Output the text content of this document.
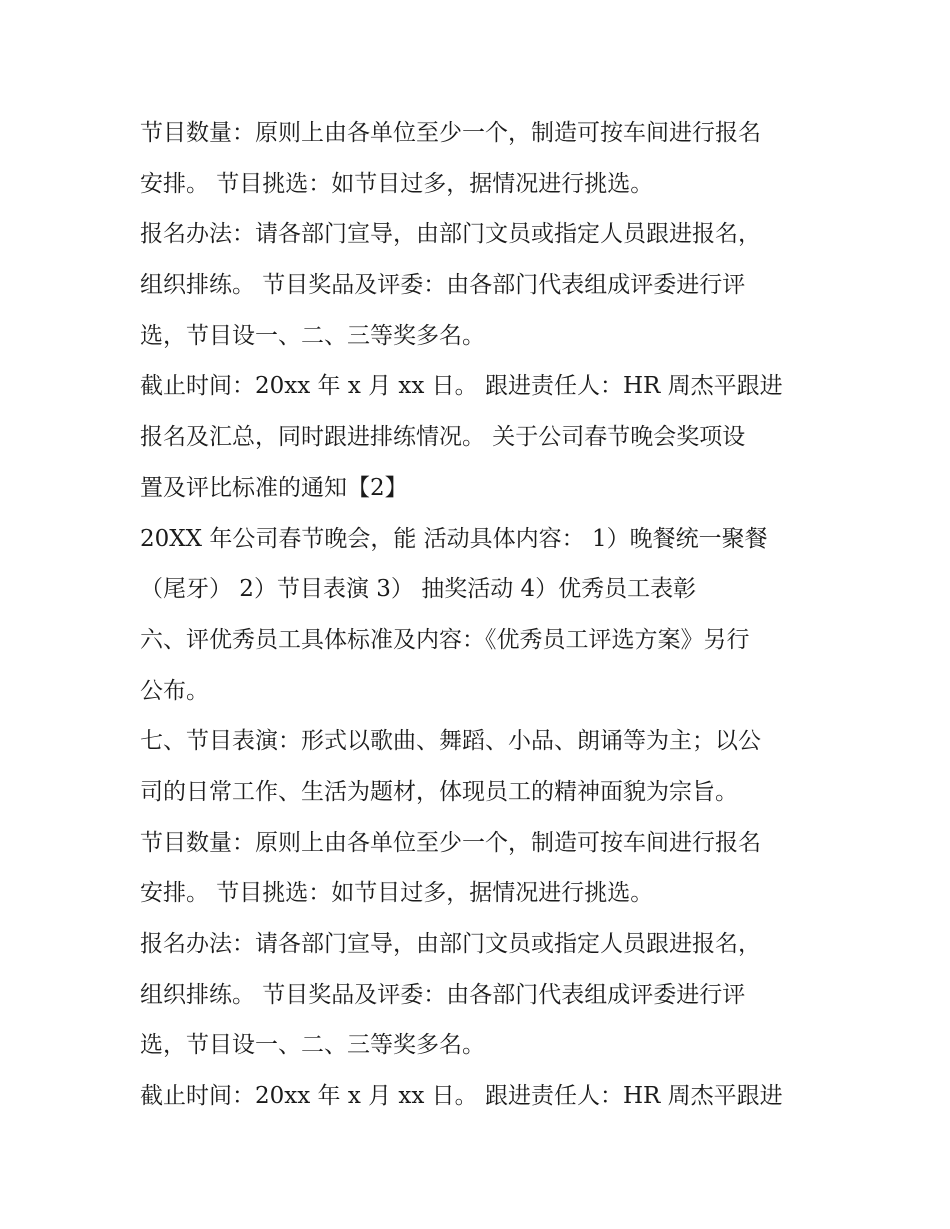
节目数量：原则上由各单位至少一个，制造可按车间进行报名
安排。 节目挑选：如节目过多，据情况进行挑选。
报名办法：请各部门宣导，由部门文员或指定人员跟进报名，
组织排练。 节目奖品及评委：由各部门代表组成评委进行评
选，节目设一、二、三等奖多名。
截止时间：20xx 年 x 月 xx 日。 跟进责任人：HR 周杰平跟进
报名及汇总，同时跟进排练情况。 关于公司春节晚会奖项设
置及评比标准的通知【2】
20XX 年公司春节晚会，能 活动具体内容： 1）晚餐统一聚餐
（尾牙） 2）节目表演 3） 抽奖活动 4）优秀员工表彰
六、评优秀员工具体标准及内容：《优秀员工评选方案》另行
公布。
七、节目表演：形式以歌曲、舞蹈、小品、朗诵等为主；以公
司的日常工作、生活为题材，体现员工的精神面貌为宗旨。
节目数量：原则上由各单位至少一个，制造可按车间进行报名
安排。 节目挑选：如节目过多，据情况进行挑选。
报名办法：请各部门宣导，由部门文员或指定人员跟进报名，
组织排练。 节目奖品及评委：由各部门代表组成评委进行评
选，节目设一、二、三等奖多名。
截止时间：20xx 年 x 月 xx 日。 跟进责任人：HR 周杰平跟进
